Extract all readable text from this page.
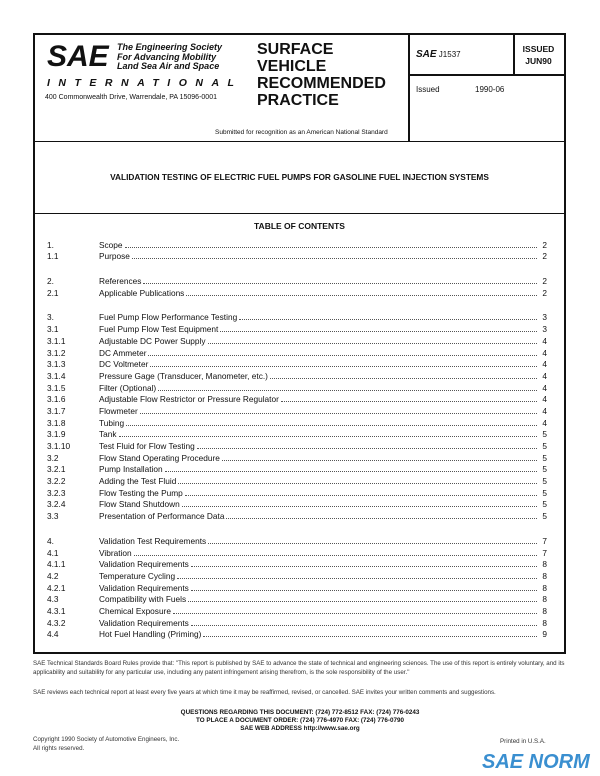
SAE The Engineering Society
For Advancing Mobility
Land Sea Air and Space
INTERNATIONAL
400 Commonwealth Drive, Warrendale, PA 15096-0001
SURFACE
VEHICLE
RECOMMENDED
PRACTICE
Submitted for recognition as an American National Standard
SAE J1537
ISSUED
JUN90
Issued	1990-06
VALIDATION TESTING OF ELECTRIC FUEL PUMPS FOR GASOLINE FUEL INJECTION SYSTEMS
TABLE OF CONTENTS
1.	Scope	2
1.1	Purpose	2
2.	References	2
2.1	Applicable Publications	2
3.	Fuel Pump Flow Performance Testing	3
3.1	Fuel Pump Flow Test Equipment	3
3.1.1	Adjustable DC Power Supply	4
3.1.2	DC Ammeter	4
3.1.3	DC Voltmeter	4
3.1.4	Pressure Gage (Transducer, Manometer, etc.)	4
3.1.5	Filter (Optional)	4
3.1.6	Adjustable Flow Restrictor or Pressure Regulator	4
3.1.7	Flowmeter	4
3.1.8	Tubing	4
3.1.9	Tank	5
3.1.10	Test Fluid for Flow Testing	5
3.2	Flow Stand Operating Procedure	5
3.2.1	Pump Installation	5
3.2.2	Adding the Test Fluid	5
3.2.3	Flow Testing the Pump	5
3.2.4	Flow Stand Shutdown	5
3.3	Presentation of Performance Data	5
4.	Validation Test Requirements	7
4.1	Vibration	7
4.1.1	Validation Requirements	8
4.2	Temperature Cycling	8
4.2.1	Validation Requirements	8
4.3	Compatibility with Fuels	8
4.3.1	Chemical Exposure	8
4.3.2	Validation Requirements	8
4.4	Hot Fuel Handling (Priming)	9
SAE Technical Standards Board Rules provide that: "This report is published by SAE to advance the state of technical and engineering sciences. The use of this report is entirely voluntary, and its applicability and suitability for any particular use, including any patent infringement arising therefrom, is the sole responsibility of the user."
SAE reviews each technical report at least every five years at which time it may be reaffirmed, revised, or cancelled. SAE invites your written comments and suggestions.
QUESTIONS REGARDING THIS DOCUMENT: (724) 772-8512 FAX: (724) 776-0243
TO PLACE A DOCUMENT ORDER: (724) 776-4970 FAX: (724) 776-0790
SAE WEB ADDRESS http://www.sae.org
Copyright 1990 Society of Automotive Engineers, Inc.
All rights reserved.
Printed in U.S.A.
SAE NORM
